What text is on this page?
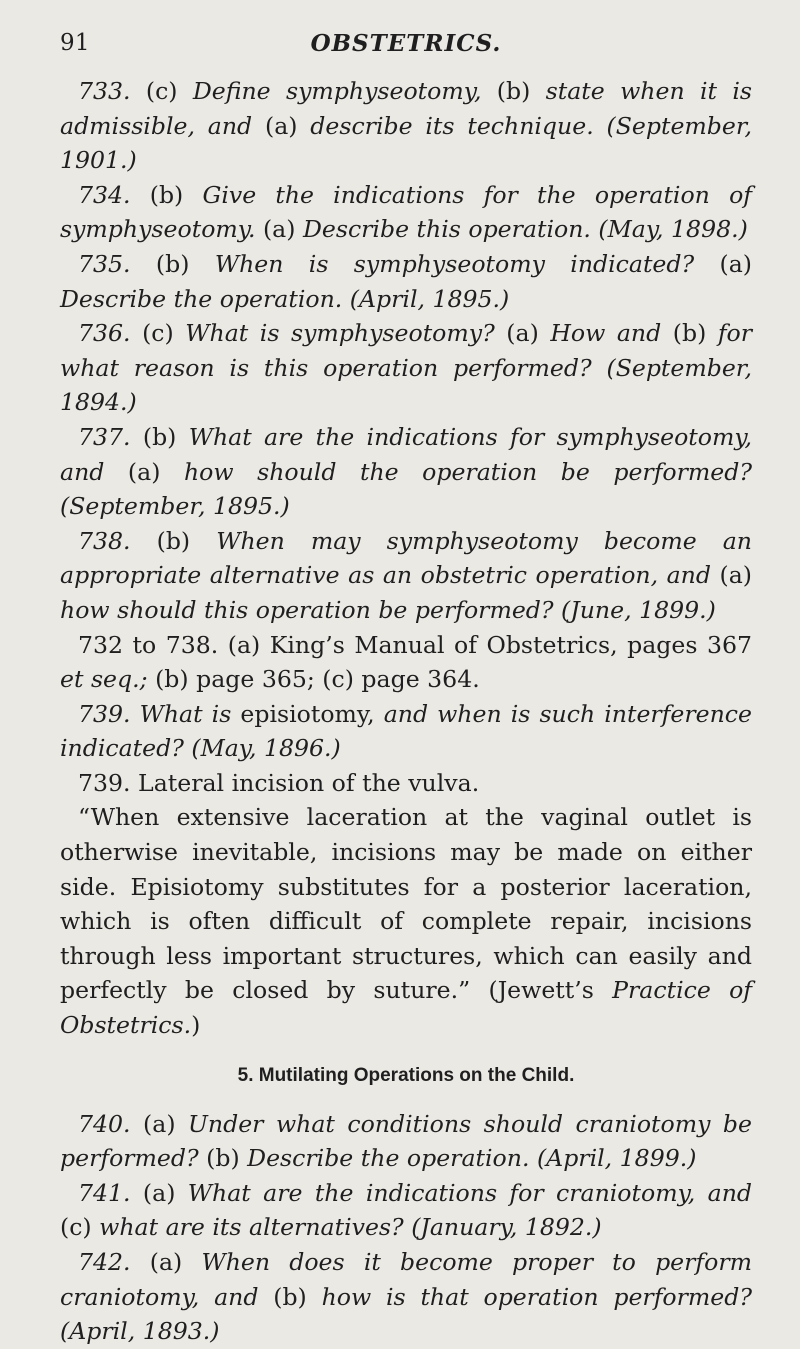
91	OBSTETRICS.

733. (c) Define symphyseotomy, (b) state when it is admissible, and (a) describe its technique. (September, 1901.)

734. (b) Give the indications for the operation of symphyseotomy. (a) Describe this operation. (May, 1898.)

735. (b) When is symphyseotomy indicated? (a) Describe the operation. (April, 1895.)

736. (c) What is symphyseotomy? (a) How and (b) for what reason is this operation performed? (September, 1894.)

737. (b) What are the indications for symphyseotomy, and (a) how should the operation be performed? (September, 1895.)

738. (b) When may symphyseotomy become an appropriate alternative as an obstetric operation, and (a) how should this operation be performed? (June, 1899.)

732 to 738. (a) King’s Manual of Obstetrics, pages 367 et seq.; (b) page 365; (c) page 364.

739. What is episiotomy, and when is such interference indicated? (May, 1896.)

739. Lateral incision of the vulva.

“When extensive laceration at the vaginal outlet is otherwise inevitable, incisions may be made on either side. Episiotomy substitutes for a posterior laceration, which is often difficult of complete repair, incisions through less important structures, which can easily and perfectly be closed by suture.” (Jewett’s Practice of Obstetrics.)

5. Mutilating Operations on the Child.

740. (a) Under what conditions should craniotomy be performed? (b) Describe the operation. (April, 1899.)

741. (a) What are the indications for craniotomy, and (c) what are its alternatives? (January, 1892.)

742. (a) When does it become proper to perform craniotomy, and (b) how is that operation performed? (April, 1893.)
